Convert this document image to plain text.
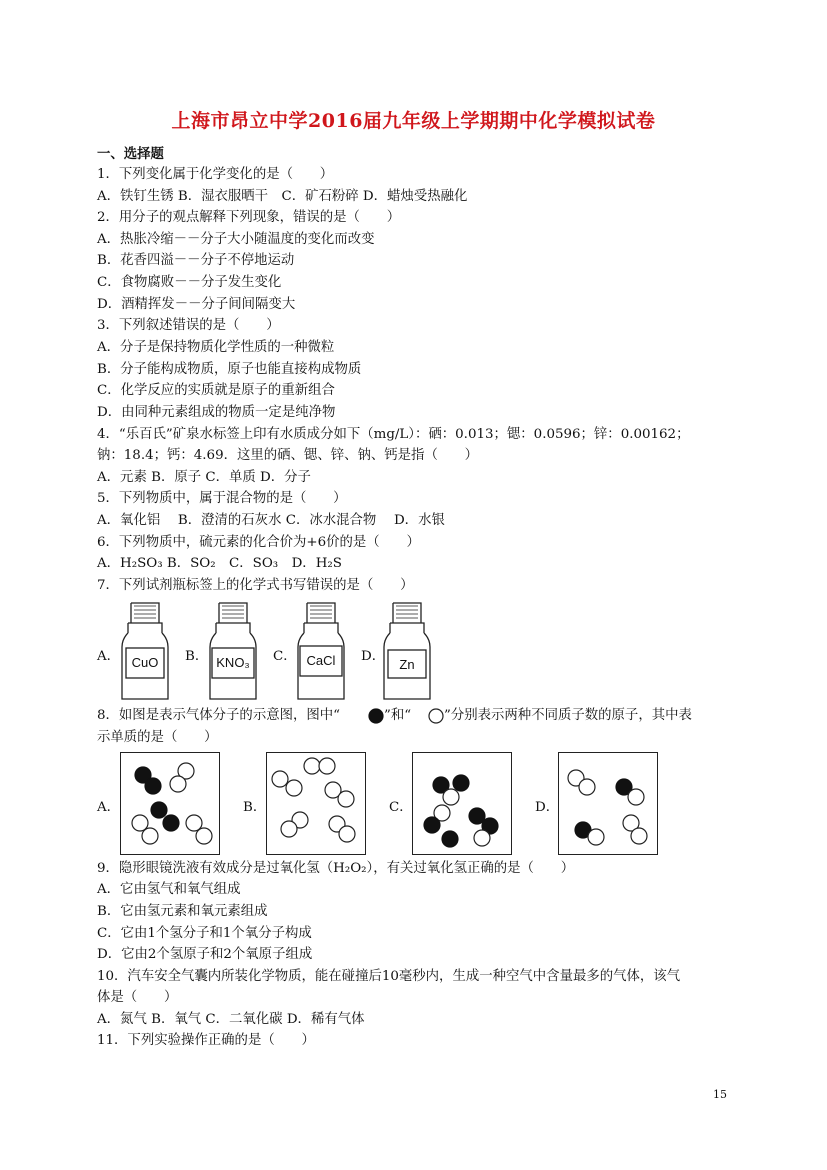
上海市昂立中学2016届九年级上学期期中化学模拟试卷
一、选择题
1．下列变化属于化学变化的是（　　）
A．铁钉生锈 B．湿衣服晒干　C．矿石粉碎 D．蜡烛受热融化
2．用分子的观点解释下列现象，错误的是（　　）
A．热胀冷缩－－分子大小随温度的变化而改变
B．花香四溢－－分子不停地运动
C．食物腐败－－分子发生变化
D．酒精挥发－－分子间间隔变大
3．下列叙述错误的是（　　）
A．分子是保持物质化学性质的一种微粒
B．分子能构成物质，原子也能直接构成物质
C．化学反应的实质就是原子的重新组合
D．由同种元素组成的物质一定是纯净物
4．“乐百氏”矿泉水标签上印有水质成分如下（mg/L）：硒：0.013；锶：0.0596；锌：0.00162；
钠：18.4；钙：4.69．这里的硒、锶、锌、钠、钙是指（　　）
A．元素 B．原子 C．单质 D．分子
5．下列物质中，属于混合物的是（　　）
A．氧化铝　 B．澄清的石灰水 C．冰水混合物　 D．水银
6．下列物质中，硫元素的化合价为+6价的是（　　）
A．H₂SO₃ B．SO₂　C．SO₃　D．H₂S
7．下列试剂瓶标签上的化学式书写错误的是（　　）
A．	B．	C．	D．
CuO	KNO₃	CaCl	Zn
8．如图是表示气体分子的示意图，图中“	”和“ ”分别表示两种不同质子数的原子，其中表
示单质的是（　　）
A．	B．	C．	D．
9．隐形眼镜洗液有效成分是过氧化氢（H₂O₂），有关过氧化氢正确的是（　　）
A．它由氢气和氧气组成
B．它由氢元素和氧元素组成
C．它由1个氢分子和1个氧分子构成
D．它由2个氢原子和2个氧原子组成
10．汽车安全气囊内所装化学物质，能在碰撞后10毫秒内，生成一种空气中含量最多的气体，该气
体是（　　）
A．氮气 B．氧气 C．二氧化碳 D．稀有气体
11．下列实验操作正确的是（　　）
15
